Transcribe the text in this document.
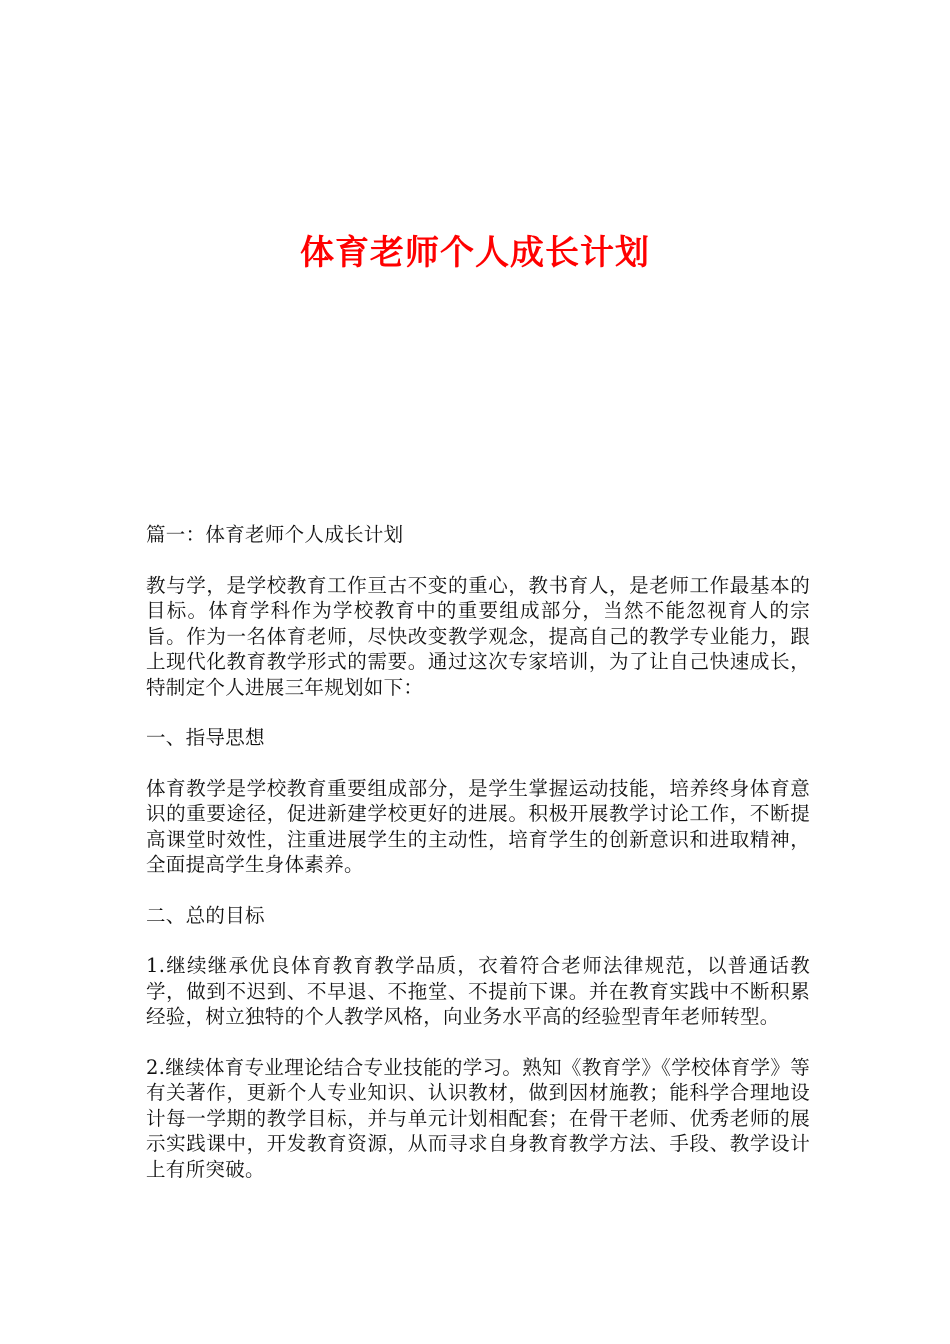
体育老师个人成长计划

篇一：体育老师个人成长计划

教与学，是学校教育工作亘古不变的重心，教书育人，是老师工作最基本的目标。体育学科作为学校教育中的重要组成部分，当然不能忽视育人的宗旨。作为一名体育老师，尽快改变教学观念，提高自己的教学专业能力，跟上现代化教育教学形式的需要。通过这次专家培训，为了让自己快速成长，特制定个人进展三年规划如下：

一、指导思想

体育教学是学校教育重要组成部分，是学生掌握运动技能，培养终身体育意识的重要途径，促进新建学校更好的进展。积极开展教学讨论工作，不断提高课堂时效性，注重进展学生的主动性，培育学生的创新意识和进取精神，全面提高学生身体素养。

二、总的目标

1.继续继承优良体育教育教学品质，衣着符合老师法律规范，以普通话教学，做到不迟到、不早退、不拖堂、不提前下课。并在教育实践中不断积累经验，树立独特的个人教学风格，向业务水平高的经验型青年老师转型。

2.继续体育专业理论结合专业技能的学习。熟知《教育学》《学校体育学》等有关著作，更新个人专业知识、认识教材，做到因材施教；能科学合理地设计每一学期的教学目标，并与单元计划相配套；在骨干老师、优秀老师的展示实践课中，开发教育资源，从而寻求自身教育教学方法、手段、教学设计上有所突破。
